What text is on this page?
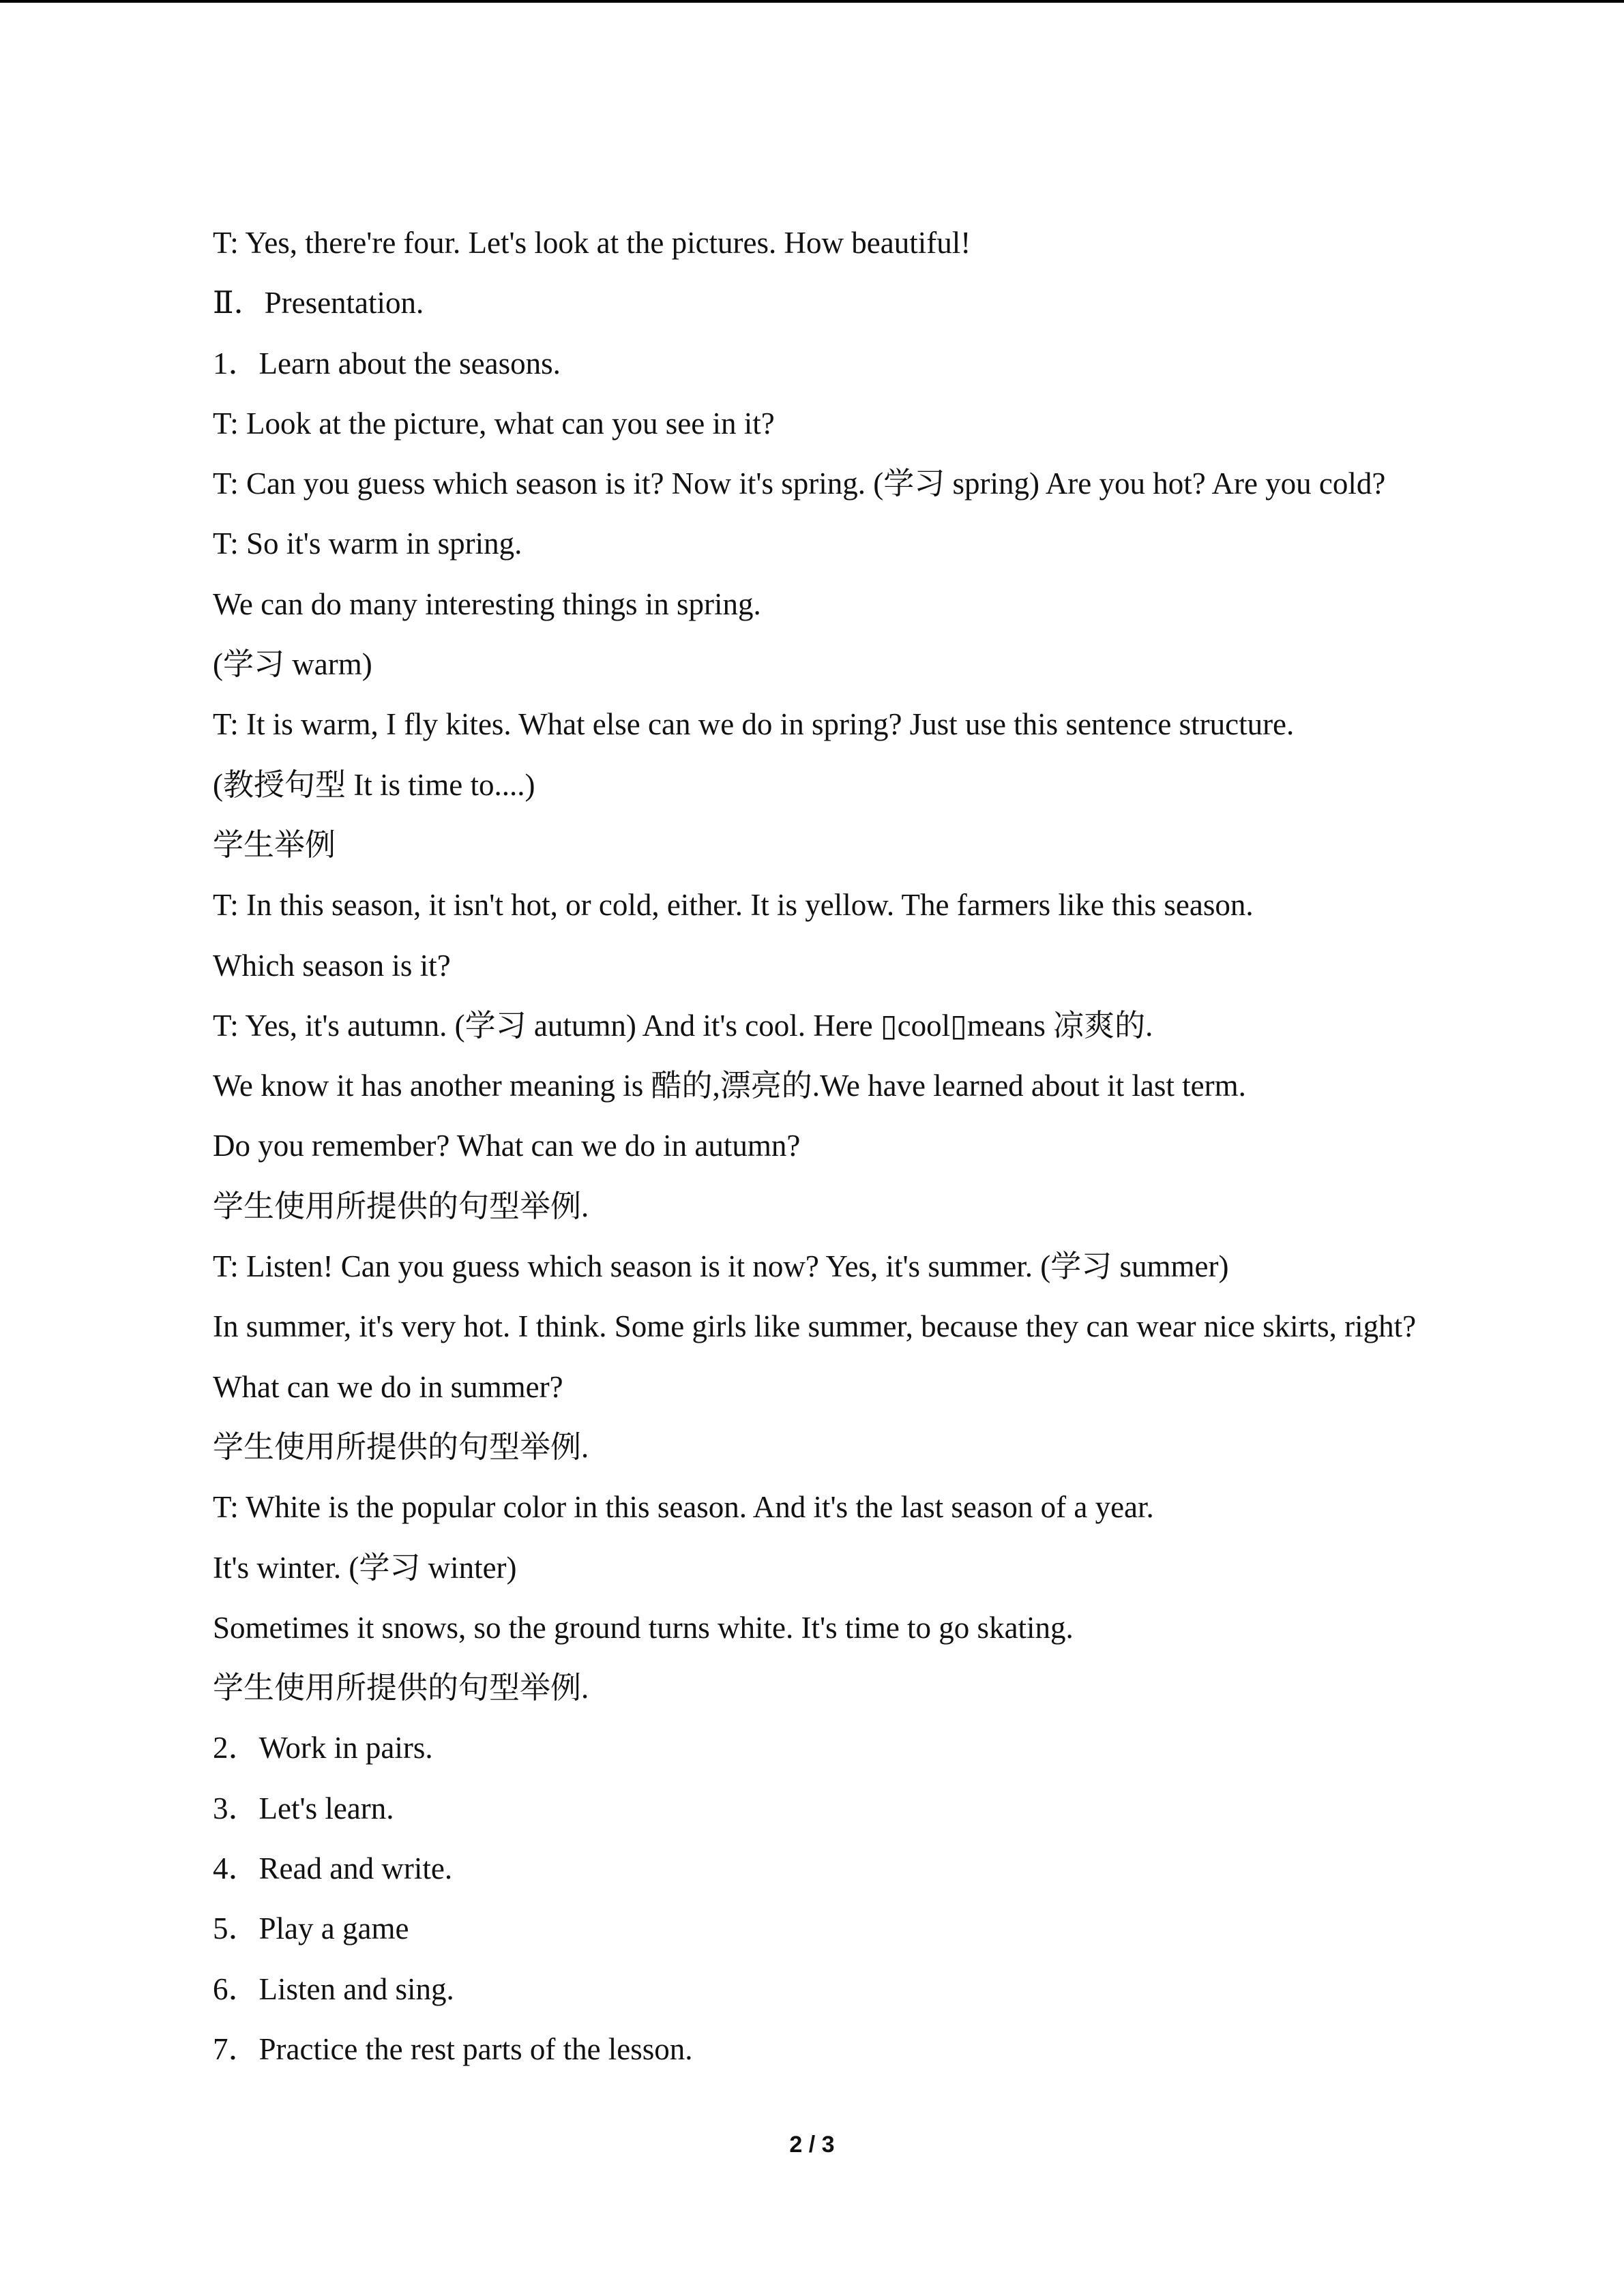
T: Yes, there're four. Let's look at the pictures. How beautiful!
Ⅱ．Presentation.
1．Learn about the seasons.
T: Look at the picture, what can you see in it?
T: Can you guess which season is it? Now it's spring. (学习 spring) Are you hot? Are you cold?
T: So it's warm in spring.
We can do many interesting things in spring.
(学习 warm)
T: It is warm, I fly kites. What else can we do in spring? Just use this sentence structure.
(教授句型 It is time to....)
学生举例
T: In this season, it isn't hot, or cold, either. It is yellow. The farmers like this season.
Which season is it?
T: Yes, it's autumn. (学习 autumn) And it's cool. Here ▯cool▯means 凉爽的.
We know it has another meaning is 酷的,漂亮的.We have learned about it last term.
Do you remember? What can we do in autumn?
学生使用所提供的句型举例.
T: Listen! Can you guess which season is it now? Yes, it's summer. (学习 summer)
In summer, it's very hot. I think. Some girls like summer, because they can wear nice skirts, right?
What can we do in summer?
学生使用所提供的句型举例.
T: White is the popular color in this season. And it's the last season of a year.
It's winter. (学习 winter)
Sometimes it snows, so the ground turns white. It's time to go skating.
学生使用所提供的句型举例.
2．Work in pairs.
3．Let's learn.
4．Read and write.
5．Play a game
6．Listen and sing.
7．Practice the rest parts of the lesson.
2 / 3
